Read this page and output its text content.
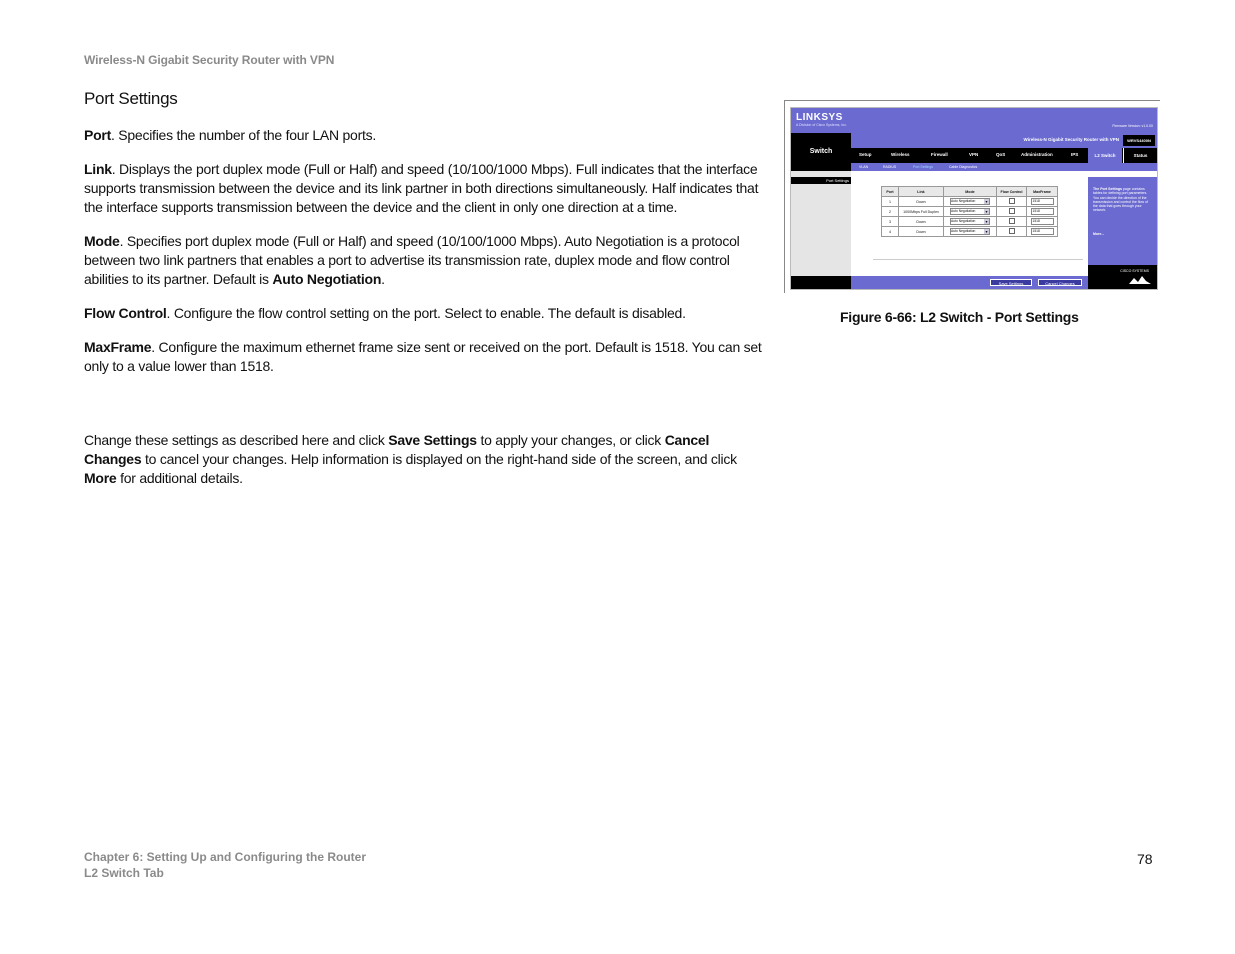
Wireless-N Gigabit Security Router with VPN
Port Settings
Port. Specifies the number of the four LAN ports.
Link. Displays the port duplex mode (Full or Half) and speed (10/100/1000 Mbps). Full indicates that the interface supports transmission between the device and its link partner in both directions simultaneously. Half indicates that the interface supports transmission between the device and the client in only one direction at a time.
Mode. Specifies port duplex mode (Full or Half) and speed (10/100/1000 Mbps). Auto Negotiation is a protocol between two link partners that enables a port to advertise its transmission rate, duplex mode and flow control abilities to its partner. Default is Auto Negotiation.
Flow Control. Configure the flow control setting on the port. Select to enable. The default is disabled.
MaxFrame. Configure the maximum ethernet frame size sent or received on the port. Default is 1518. You can set only to a value lower than 1518.
Change these settings as described here and click Save Settings to apply your changes, or click Cancel Changes to cancel your changes. Help information is displayed on the right-hand side of the screen, and click More for additional details.
LINKSYS
A Division of Cisco Systems, Inc.	Firmware Version: v1.0.00
Switch
Wireless-N Gigabit Security Router with VPN	WRVS4400N
Setup	Wireless	Firewall	VPN	QoS	Administration	IPS	L2 Switch	Status
VLAN	RADIUS	Port Settings	Cable Diagnostics
Port Settings
Port	Link	Mode	Flow Control	MaxFrame
1	Down	Auto Negotiation ▾		1518
2	1000Mbps Full Duplex	Auto Negotiation ▾		1518
3	Down	Auto Negotiation ▾		1518
4	Down	Auto Negotiation ▾		1518
The Port Settings page contains tables for defining port parameters. You can decide the direction of the transmission and control the flow of the data that goes through your network.
More...
CISCO SYSTEMS
Save Settings	Cancel Changes
Figure 6-66: L2 Switch - Port Settings
Chapter 6: Setting Up and Configuring the Router
L2 Switch Tab
78
